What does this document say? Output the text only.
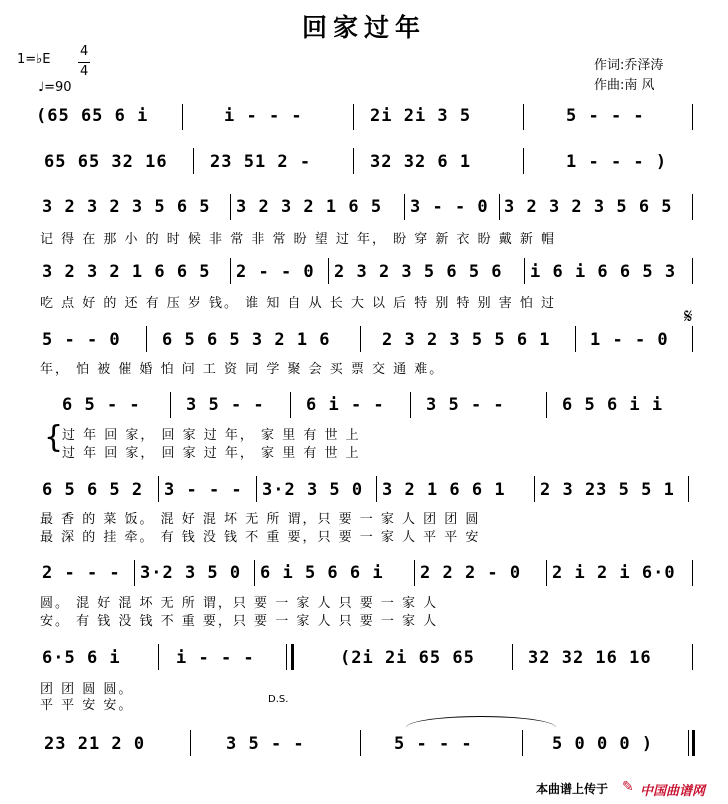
回家过年
1=♭E
4
4
♩=90
作词:乔泽涛
作曲:南 风
(65 65 6 i	i - - -	2i 2i 3 5	5 - - -
65 65 32 16 23 51 2 -	32 32 6 1	1 - - - )
3 2 3 2 3 5 6 5 3 2 3 2 1 6 5 3 - - 0 3 2 3 2 3 5 6 5
记 得 在 那 小 的 时 候 非 常 非 常 盼 望 过 年， 盼 穿 新 衣 盼 戴 新 帽
3 2 3 2 1 6 6 5 2 - - 0 2 3 2 3 5 6 5 6 i 6 i 6 6 5 3
吃 点 好 的 还 有 压 岁 钱。 谁 知 自 从 长 大 以 后 特 别 特 别 害 怕 过
5 - - 0 6 5 6 5 3 2 1 6	2 3 2 3 5 5 6 1 1 - - 0
年， 怕 被 催 婚 怕 问 工 资 同 学 聚 会 买 票 交 通 难。
𝄋
6 5 - -	3 5 - - 6 i - - 3 5 - -	6 5 6 i i
{
过 年 回 家， 回 家 过 年， 家 里 有 世 上
过 年 回 家， 回 家 过 年， 家 里 有 世 上
6 5 6 5 2 3 - - - 3·2 3 5 0 3 2 1 6 6 1 2 3 23 5 5 1
最 香 的 菜 饭。 混 好 混 坏 无 所 谓，只 要 一 家 人 团 团 圆
最 深 的 挂 牵。 有 钱 没 钱 不 重 要，只 要 一 家 人 平 平 安
2 - - - 3·2 3 5 0 6 i 5 6 6 i 2 2 2 - 0 2 i 2 i 6·0
圆。 混 好 混 坏 无 所 谓，只 要 一 家 人 只 要 一 家 人
安。 有 钱 没 钱 不 重 要，只 要 一 家 人 只 要 一 家 人
6·5 6 i	i - - -	(2i 2i 65 65	32 32 16 16
团 团 圆 圆。
平 平 安 安。	D.S.
23 21 2 0	3 5 - -	5 - - -	5 0 0 0 )
本曲谱上传于 ✎ 中国曲谱网
